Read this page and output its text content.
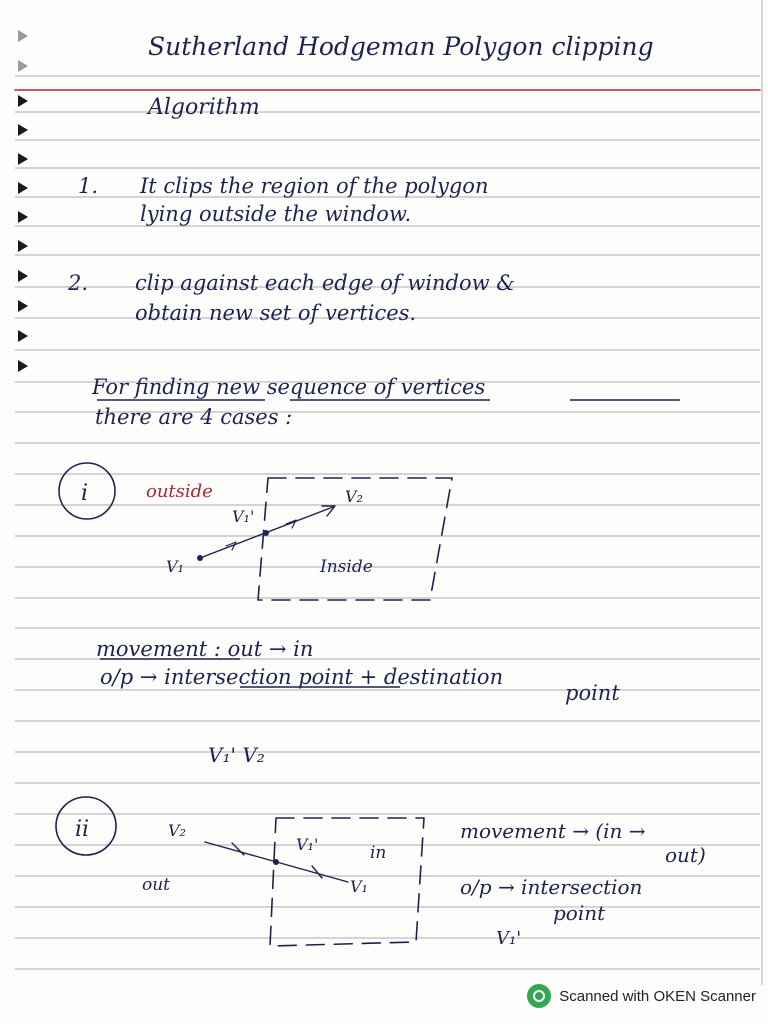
Sutherland Hodgeman Polygon clipping
Algorithm
1. It clips the region of the polygon
lying outside the window.
2. clip against each edge of window &
obtain new set of vertices.
For finding new sequence of vertices
there are 4 cases :
i	outside
V₁'
V₂
V₁	Inside
movement : out → in
o/p → intersection point + destination
point
V₁' V₂
ii	V₂
V₁'	in
out	V₁
movement → (in →
out)
o/p → intersection
point
V₁'
Scanned with OKEN Scanner
